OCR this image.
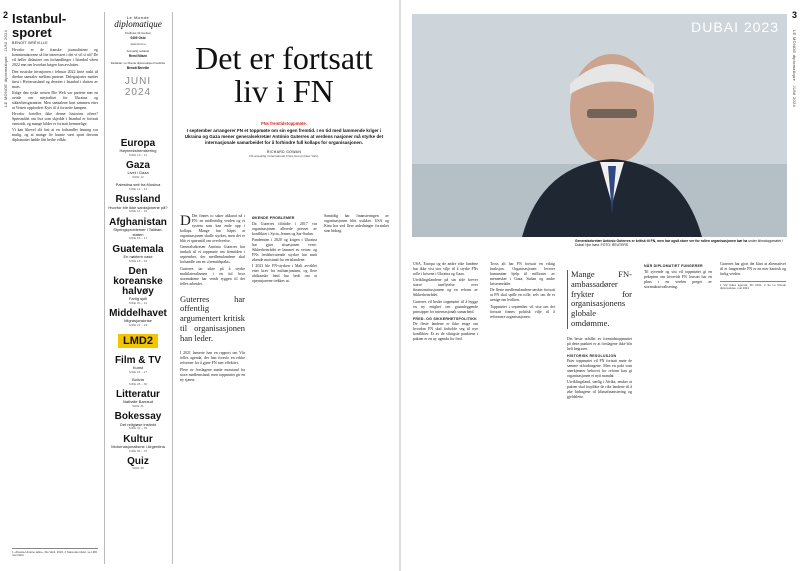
2
LE MONDE diplomatique · JUNI 2024
Istanbul-sporet
BENOÎT BRÉVILLE

Hvorfor er de franske journalistene og kommentatorene så lite interessert i det vi vil si nå? De vil heller diskutere om forhandlinger i Istanbul våren 2022 enn om hvordan krigen kan avsluttes.

Den russiske invasjonen i februar 2022 førte raskt til direkte samtaler mellom partene. Delegasjoner møttes først i Hviterussland og deretter i Istanbul i slutten av mars.

Ifølge den tyske avisen Die Welt var partene nær en avtale om nøytralitet for Ukraina og sikkerhetsgarantier. Men samtalene brøt sammen etter at Vesten oppfordret Kyiv til å fortsette kampen.

Hvorfor fortelles ikke denne historien oftere? Spørsmålet om hva som skjedde i Istanbul er fortsatt omstridt, og mange kilder er fortsatt hemmelige.

Vi kan likevel slå fast at en forhandlet løsning var mulig, og at mange liv kunne vært spart dersom diplomatiet hadde fått bedre vilkår.

1 «Russia-Ukraine talks», Die Welt, 2024. 2 Nationale kilder, se LMD mai 2024.
Le Monde
diplomatique
Postboks 33 Grefsen
0409 Oslo
www.lmd.no
Ansvarlig redaktør
Remi Nilsen
Redaktør, Le Monde diplomatique Frankrike
Benoît Bréville
JUNI
2024
Europa
Høyreekstremisering
SIDE 10 – 11
Gaza
Livet i Gaza
SIDE 12
Palestina sett fra Moskva
SIDE 12 – 13
Russland
Hvorfor blir ikke sanksjonene på?
SIDE 13 – 15
Afghanistan
Styringsproblemer i Taliban-staten
SIDE 16 – 17
Guatemala
En nøktern case
SIDE 18 – 19
Den koreanske halvøy
Farlig spill
SIDE 20 – 21
Middelhavet
Migrasjonskrise
SIDE 22 – 23
LMD2
Film & TV
Kunst
SIDE 24 – 27
Bolivia
SIDE 28 – 30
Litteratur
Nathalie Barraud
SIDE 31
Bokessay
Det religiøse instinkt
SIDE 32 – 35
Kultur
Motornasjonalisme i Argentina
SIDE 36 – 37
Quiz
SIDE 38
Det er fortsatt liv i FN
FNs fremtidstoppmøte.
I september arrangerer FN et toppmøte om sin egen fremtid. I en tid med lammende kriger i Ukraina og Gaza mener generalsekretær António Guterres at verdens nasjoner må styrke det internasjonale samarbeidet for å forhindre full kollaps for organisasjonen.
RICHARD GOWAN
FN-ansvarlig i International Crisis Group (New York).
D Det finnes to saker akkurat nå i FN: en midlertidig verden og et system som kan ende opp i kollaps. Mange har håpet at organisasjonen skulle styrkes, men det er blitt et spørsmål om overlevelse.

Generalsekretær António Guterres har innkalt til et toppmøte om fremtiden i september, der medlemslandene skal forhandle om en «fremtidspakt».

Guterres tar sikte på å styrke multilateralismen i en tid hvor stormaktene har vendt ryggen til det felles arbeidet.

Guterres har offentlig argumentert kritisk til organisasjonen han leder.

I 2021 lanserte han en rapport om Vår felles agenda, der han foreslo en rekke reformer for å gjøre FN mer effektivt.

Flere av forslagene møtte motstand fra store medlemsland, men toppmøtet gir en ny sjanse.

ØKENDE PROBLEMER

Da Guterres tiltrådte i 2017 var organisasjonen allerede presset av konflikter i Syria, Jemen og Sør-Sudan.

Pandemien i 2020 og krigen i Ukraina har gjort situasjonen verre. Sikkerhetsrådet er lammet av vetoer, og FNs fredsbevarende styrker har møtt økende motstand fra vertslandene.

I 2023 ble FN-styrken i Mali avviklet etter krav fra militærjuntaen, og flere afrikanske land har bedt om at operasjonene trekkes ut.

Samtidig har finansieringen av organisasjonen blitt usikker. USA og Kina har ved flere anledninger forsinket sine bidrag.

3
LE MONDE diplomatique · JUNI 2024
DUBAI 2023
Generalsekretær António Guterres er kritisk til FN, men har også store ver for rollen organisasjonen bør ha under klimatoppmøtet i Dubai i fjor høst. FOTO: REUTERS

USA, Europa og de andre rike landene har ikke vist stor vilje til å styrke FNs rolle i krisene i Ukraina og Gaza.

Utviklingslandene på sin side krever større innflytelse over finansinstitusjonene og en reform av Sikkerhetsrådet.

Guterres vil bruke toppmøtet til å bygge en ny enighet om grunnleggende prinsipper for internasjonalt samarbeid.

FRED- OG SIKKERHETSPOLITIKK

De fleste landene er ikke enige om hvordan FN skal forholde seg til nye konflikter. Et av de viktigste punktene i pakten er en ny agenda for fred.

Tross alt har FN fortsatt en viktig funksjon. Organisasjonen leverer humanitær hjelp til millioner av mennesker i Gaza, Sudan og andre kriseområder.

De fleste medlemslandene ønsker fortsatt at FN skal spille en rolle, selv om de er uenige om hvilken.

Toppmøtet i september vil vise om det fortsatt finnes politisk vilje til å reformere organisasjonen.

Mange FN-ambassadører frykter for organisasjonens globale omdømme.

Det beste utfallet av fremtidstoppmøtet på dette punktet er at forslagene ikke blir helt begravet.

HISTORISK RESOLUSJON

Etter toppmøtet vil FN fortsatt møte de samme utfordringene. Men en pakt som anerkjenner behovet for reform kan gi organisasjonen et nytt mandat.

Utviklingsland, særlig i Afrika, ønsker at pakten skal forplikte de rike landene til å øke bidragene til klimafinansiering og gjeldslette.

NÅR DIPLOMATIET FUNGERER

Til syvende og sist vil toppmøtet gi en pekepinn om hvorvidt FN fortsatt har en plass i en verden preget av stormaktsrivalisering.

Guterres har gjort det klart at alternativet til et fungerende FN er en mer kaotisk og farlig verden.

1 Vår felles agenda, FN 2021. 2 Se Le Monde diplomatique, mai 2024.
